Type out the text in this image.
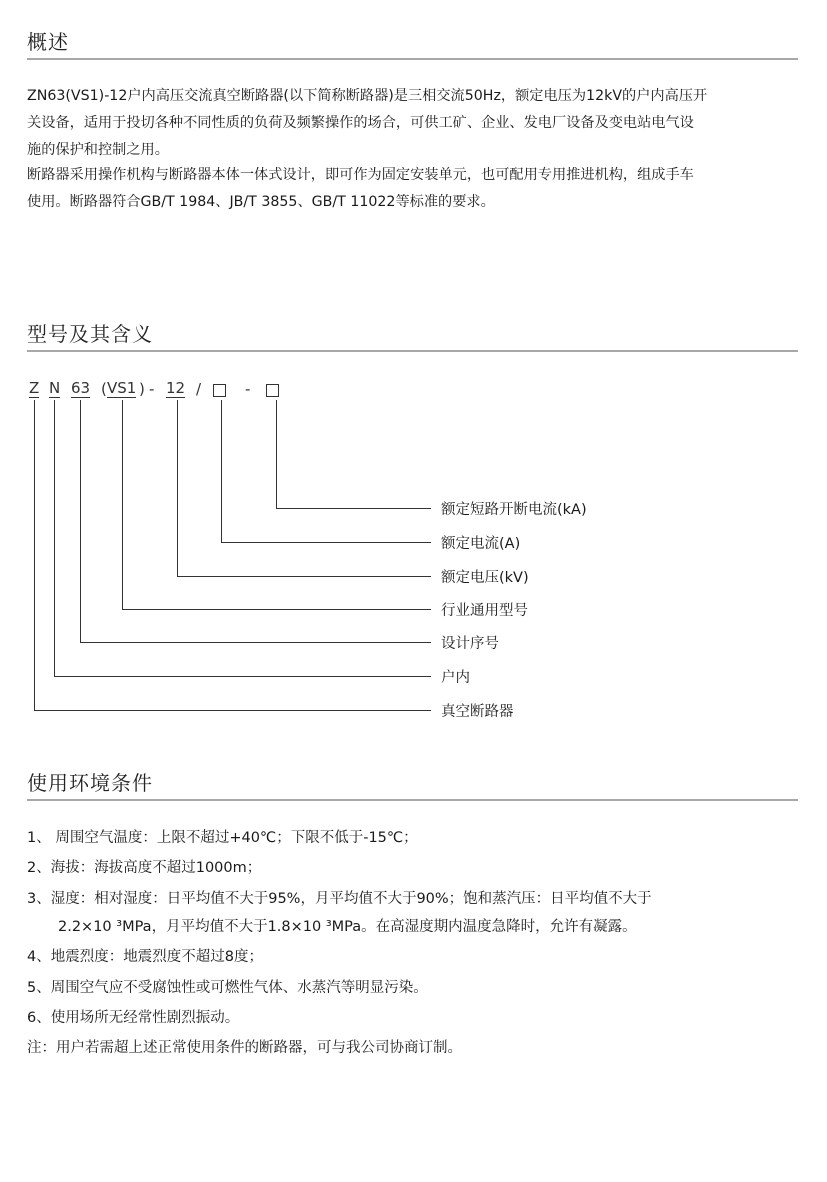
概述

ZN63(VS1)-12户内高压交流真空断路器(以下简称断路器)是三相交流50Hz，额定电压为12kV的户内高压开

关设备，适用于投切各种不同性质的负荷及频繁操作的场合，可供工矿、企业、发电厂设备及变电站电气设

施的保护和控制之用。

断路器采用操作机构与断路器本体一体式设计，即可作为固定安装单元，也可配用专用推进机构，组成手车

使用。断路器符合GB/T 1984、JB/T 3855、GB/T 11022等标准的要求。

型号及其含义
Z N 63 ( VS1 ) - 12 /	-
额定短路开断电流(kA)
额定电流(A)
额定电压(kV)
行业通用型号
设计序号
户内
真空断路器
使用环境条件
1、 周围空气温度：上限不超过+40℃；下限不低于-15℃；
2、海拔：海拔高度不超过1000m；
3、湿度：相对湿度：日平均值不大于95%，月平均值不大于90%；饱和蒸汽压：日平均值不大于
2.2×10 ³MPa，月平均值不大于1.8×10 ³MPa。在高湿度期内温度急降时，允许有凝露。
4、地震烈度：地震烈度不超过8度；
5、周围空气应不受腐蚀性或可燃性气体、水蒸汽等明显污染。
6、使用场所无经常性剧烈振动。
注：用户若需超上述正常使用条件的断路器，可与我公司协商订制。
